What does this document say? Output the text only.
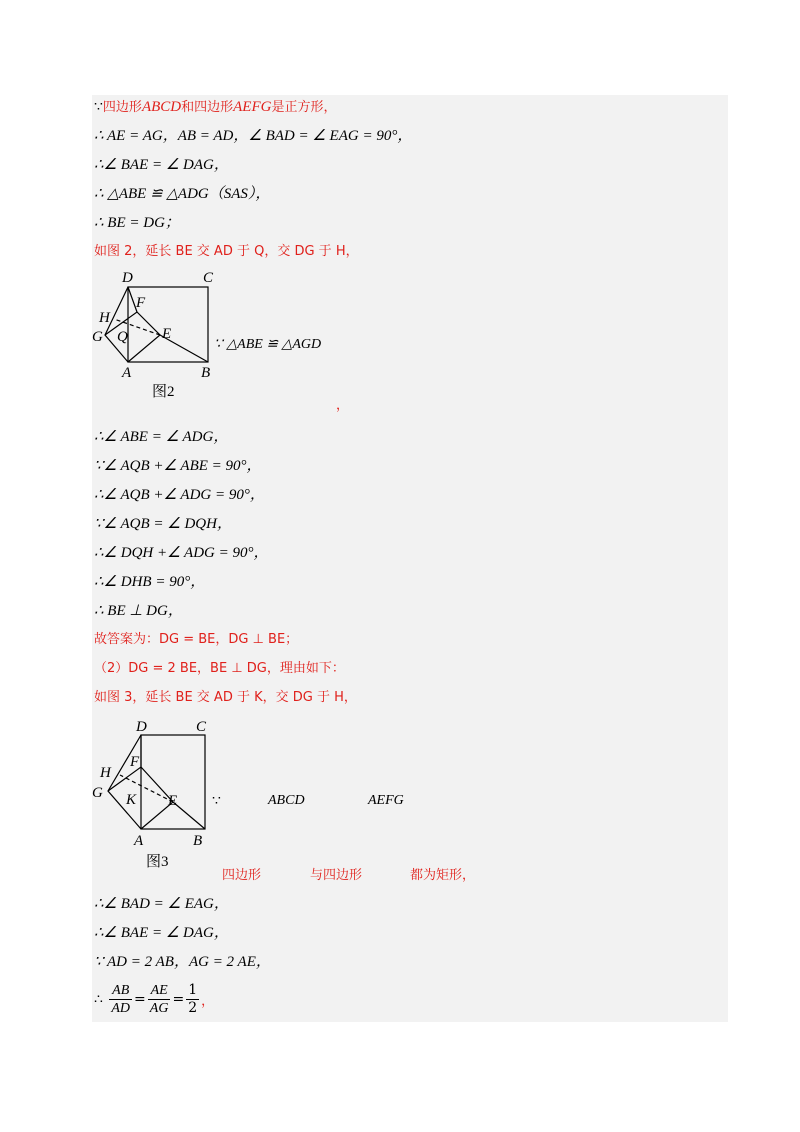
∵四边形ABCD和四边形AEFG是正方形，
∴ AE = AG，AB = AD，∠ BAD = ∠ EAG = 90°，
∴∠ BAE = ∠ DAG，
∴ △ABE ≌ △ADG（SAS），
∴ BE = DG；
如图 2，延长 BE 交 AD 于 Q，交 DG 于 H，
D	C
F
H
G Q E
A	B
图2
∵ △ABE ≌ △AGD
，
∴∠ ABE = ∠ ADG，
∵∠ AQB +∠ ABE = 90°，
∴∠ AQB +∠ ADG = 90°，
∵∠ AQB = ∠ DQH，
∴∠ DQH +∠ ADG = 90°，
∴∠ DHB = 90°，
∴ BE ⊥ DG，
故答案为：DG = BE，DG ⊥ BE；
（2）DG = 2 BE，BE ⊥ DG，理由如下：
如图 3，延长 BE 交 AD 于 K，交 DG 于 H，
D	C
F
H
G K E
A	B
图3
∵	ABCD	AEFG
四边形	与四边形	都为矩形，
∴∠ BAD = ∠ EAG，
∴∠ BAE = ∠ DAG，
∵ AD = 2 AB，AG = 2 AE，
∴ $\frac{AB}{AD} = \frac{AE}{AG} = \frac{1}{2}$ ，
